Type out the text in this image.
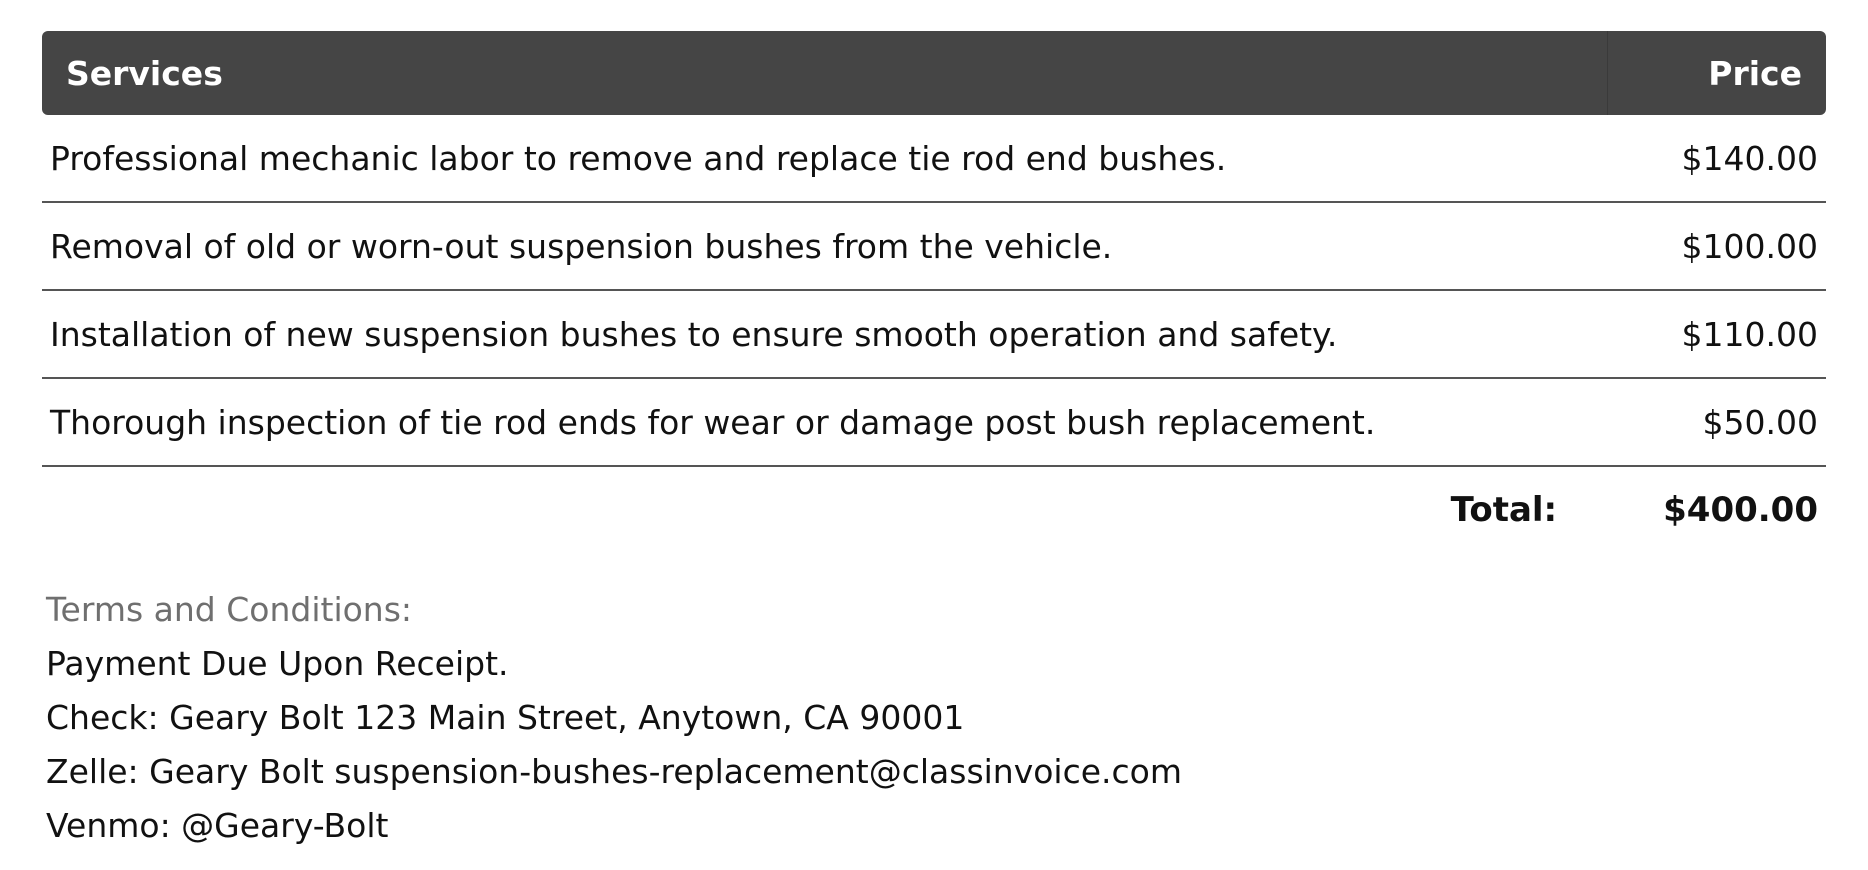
Services	Price
Professional mechanic labor to remove and replace tie rod end bushes.	$140.00
Removal of old or worn-out suspension bushes from the vehicle.	$100.00
Installation of new suspension bushes to ensure smooth operation and safety.	$110.00
Thorough inspection of tie rod ends for wear or damage post bush replacement.	$50.00
Total:	$400.00
Terms and Conditions:
Payment Due Upon Receipt.
Check: Geary Bolt 123 Main Street, Anytown, CA 90001
Zelle: Geary Bolt suspension-bushes-replacement@classinvoice.com
Venmo: @Geary-Bolt
